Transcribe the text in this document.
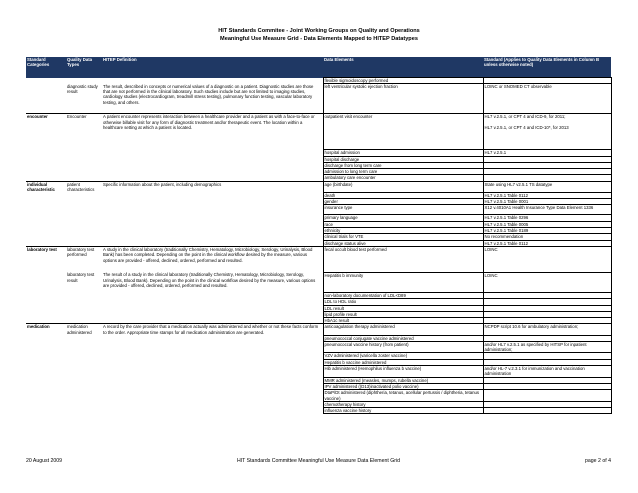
HIT Standards Commitee - Joint Working Groups on Quality and Operations
Meaningful Use Measure Grid - Data Elements Mapped to HITEP Datatypes
Standard Categories	Quality Data Types	HITEP Definition	Data Elements	Standard (Applies to Quality Data Elements in Column B unless otherwise noted)
			flexible sigmoidoscopy performed	
	diagnostic study result	The result, described in concepts or numerical values of a diagnostic on a patient. Diagnostic studies are those that are not performed in the clinical laboratory. Such studies include but are not limited to imaging studies, cardiology studies (electrocardiogram, treadmill stress testing), pulmonary function testing, vascular laboratory testing, and others.	left ventricular systolic ejection fraction	LOINC or SNOMED CT observable
encounter	Encounter	A patient encounter represents interaction between a healthcare provider and a patient as with a face-to-face or otherwise billable visit for any form of diagnostic treatment and/or therapeutic event. The location within a healthcare setting at which a patient is located.	outpatient visit encounter	HL7 v.2.5.1, or CPT 4 and ICD-9, for 2011;
HL7 v.2.5.1, or CPT 4 and ICD-10*, for 2013

			hospital admission	HL7 v.2.5.1
			hospital discharge	
			discharge from long term care	
			admission to long term care	
			ambulatory care encounter	
individual characteristic	patient characteristics	Specific information about the patient, including demographics	age (birthdate)	State using HL7 v2.5.1 TS datatype
			death	HL7 v.2.5.1 Table 0112
			gender	HL7 v.2.5.1 Table 0001
			insurance type	X12 v.4010A1 Health Insurance Type Data Element 1336
			primary language	HL7 v.2.5.1 Table 0296
			race	HL7 v.2.5.1 Table 0005
			ethnicity	HL7 v.2.5.1 Table 0189
			clinical trials for VTE	No recommendation
			discharge status alive	HL7 v.2.5.1 Table 0112
laboratory test	laboratory test performed	A study in the clinical laboratory (traditionally Chemistry, Hematology, Microbiology, Serology, Urinalysis, Blood Bank) has been completed. Depending on the point in the clinical workflow desired by the measure, various options are provided - offered, declined, ordered, performed and resulted.	fecal occult blood test performed	LOINC
	laboratory test result	The result of a study in the clinical laboratory (traditionally Chemistry, Hematology, Microbiology, Serology, Urinalysis, Blood Bank). Depending on the point in the clinical workflow desired by the measure, various options are provided - offered, declined, ordered, performed and resulted.	Hepatitis b immunity	LOINC
			non-laboratory documentation of LDL<D89	
			LDL to HDL ratio	
			LDL result	
			lipid profile result	
			HbA1c result	
medication	medication administered	A record by the care provider that a medication actually was administered and whether or not these facts conform to the order. Appropriate time stamps for all medication administration are generated.	anticoagulation therapy administered	NCPDP script 10.6 for ambulatory administration;
			pneumococcal conjugate vaccine administered	
			pneumococcal vaccine history (from patient)	and/or HL7 v.2.5.1 as specified by HITSP for inpatient administration;
			VZV administered (varicella zoster vaccine)	
			Hepatitis b vaccine administered	
			Hib administered (Hemophilus influenza b vaccine)	and/or HL-7 v.2.3.1 for immunization and vaccination administration
			MMR administered (measles, mumps, rubella vaccine)	
			IPV administered ((D13)inactivated polio vaccine)	
			DtaP/Dt administered (diphtheria, tetanus, acellular pertussis / diphtheria, tetanus vaccine)	
			chemotherapy history	
			influenza vaccine history	
20 August 2009	HIT Standards Committee Meaningful Use Measure Data Element Grid	page 2 of 4
